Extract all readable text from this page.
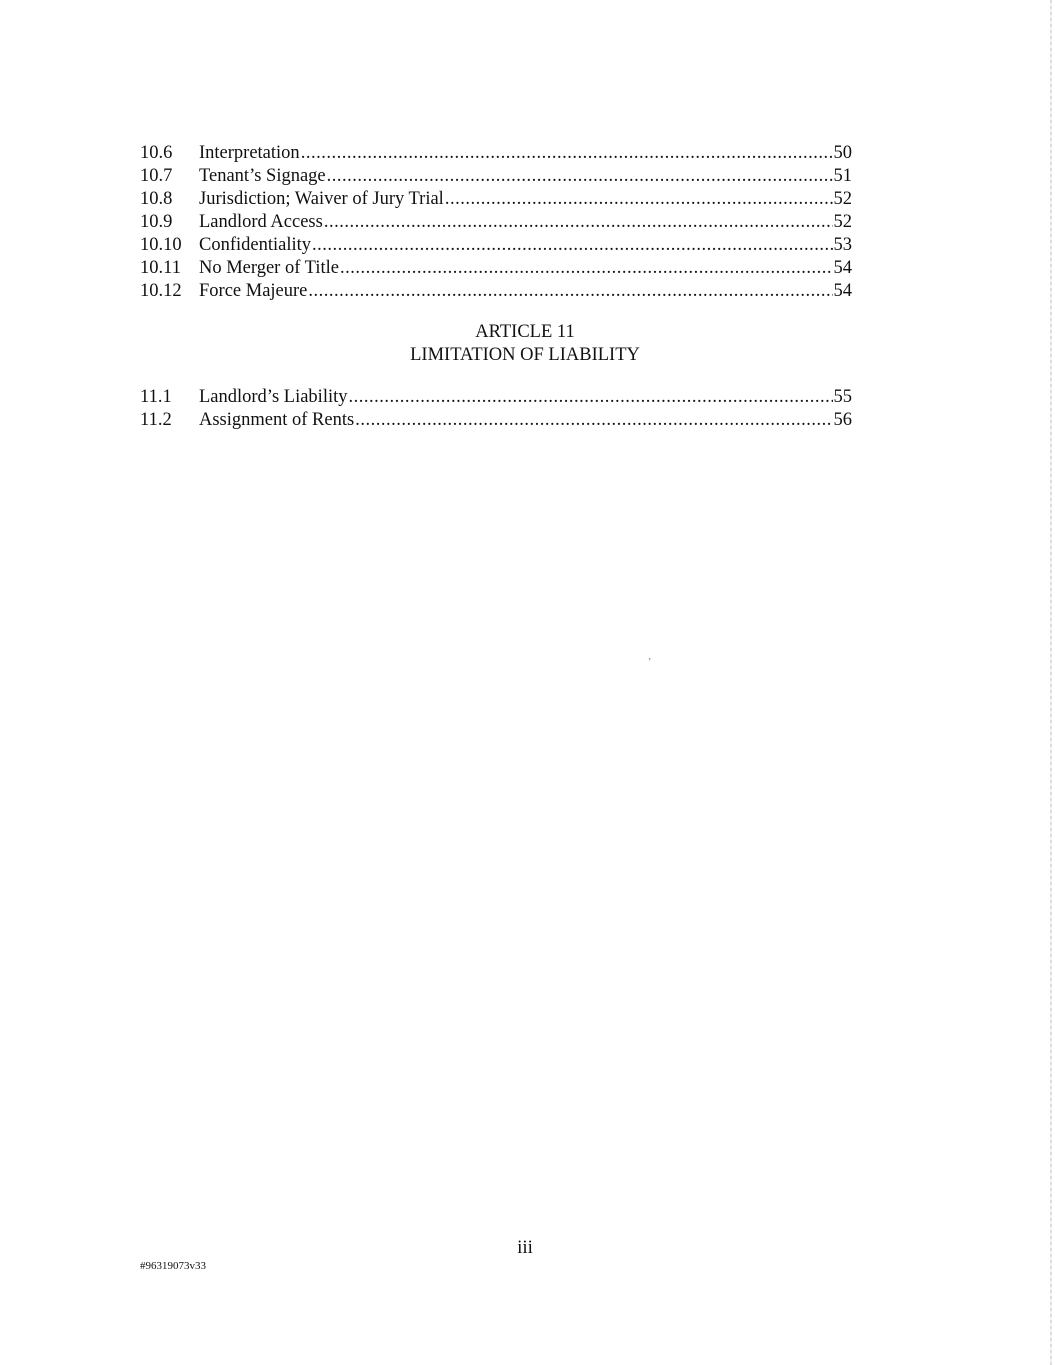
10.6	Interpretation .....	50
10.7	Tenant’s Signage .....	51
10.8	Jurisdiction; Waiver of Jury Trial .....	52
10.9	Landlord Access .....	52
10.10 Confidentiality .....	53
10.11 No Merger of Title .....	54
10.12 Force Majeure .....	54
ARTICLE 11
LIMITATION OF LIABILITY
11.1	Landlord’s Liability .....	55
11.2	Assignment of Rents .....	56
ʼ
iii
#96319073v33
